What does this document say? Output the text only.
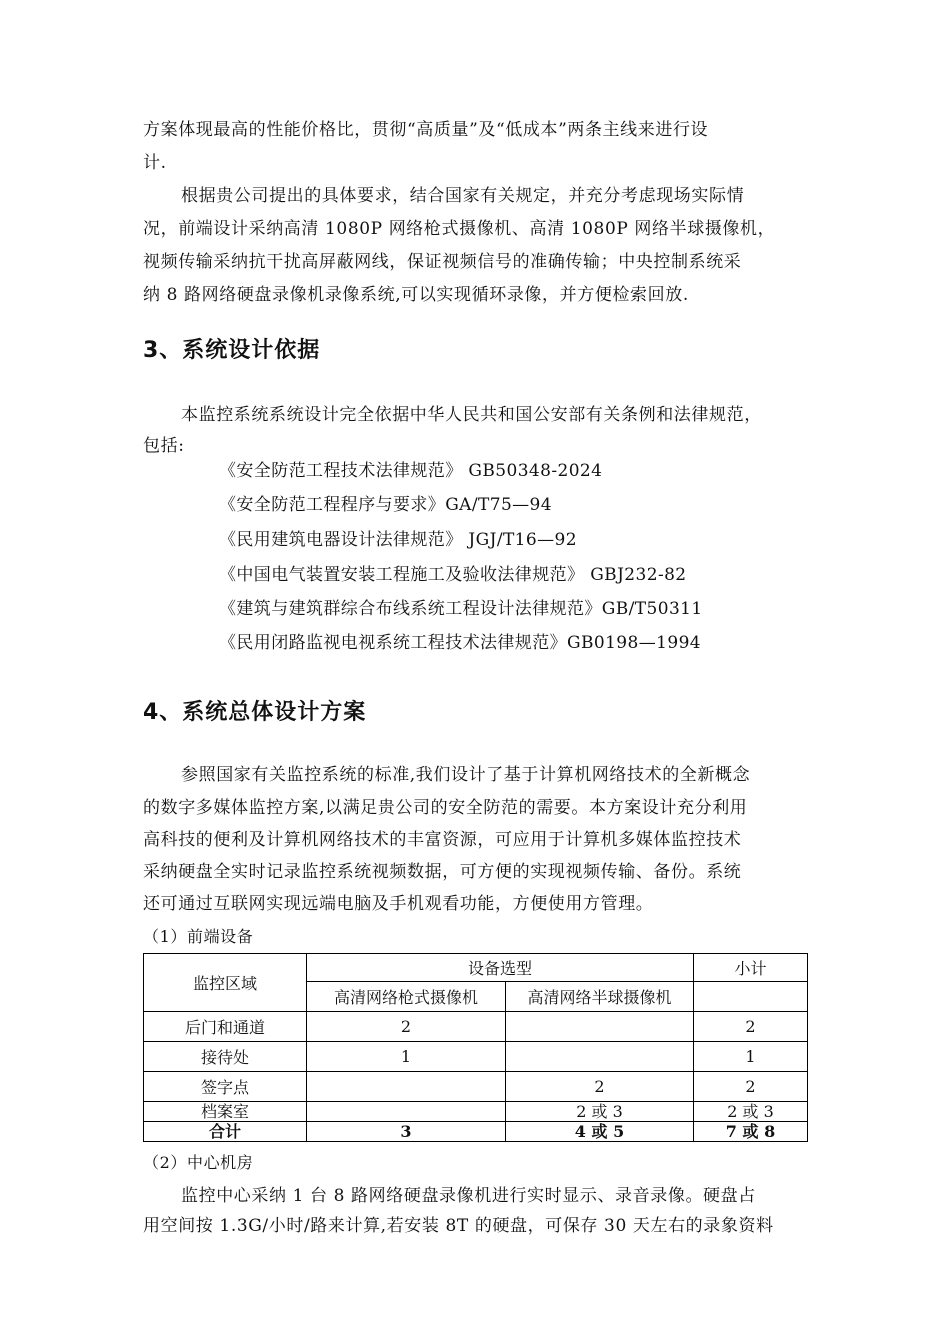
方案体现最高的性能价格比，贯彻“高质量”及“低成本”两条主线来进行设
计.
根据贵公司提出的具体要求，结合国家有关规定，并充分考虑现场实际情
况，前端设计采纳高清 1080P 网络枪式摄像机、高清 1080P 网络半球摄像机，
视频传输采纳抗干扰高屏蔽网线，保证视频信号的准确传输；中央控制系统采
纳 8 路网络硬盘录像机录像系统,可以实现循环录像，并方便检索回放.
3、系统设计依据
本监控系统系统设计完全依据中华人民共和国公安部有关条例和法律规范，
包括:
《安全防范工程技术法律规范》 GB50348-2024
《安全防范工程程序与要求》GA/T75—94
《民用建筑电器设计法律规范》 JGJ/T16—92
《中国电气装置安装工程施工及验收法律规范》 GBJ232-82
《建筑与建筑群综合布线系统工程设计法律规范》GB/T50311
《民用闭路监视电视系统工程技术法律规范》GB0198—1994
4、系统总体设计方案
参照国家有关监控系统的标准,我们设计了基于计算机网络技术的全新概念
的数字多媒体监控方案,以满足贵公司的安全防范的需要。本方案设计充分利用
高科技的便利及计算机网络技术的丰富资源，可应用于计算机多媒体监控技术
采纳硬盘全实时记录监控系统视频数据，可方便的实现视频传输、备份。系统
还可通过互联网实现远端电脑及手机观看功能，方便使用方管理。
（1）前端设备
监控区域	设备选型		小计
	高清网络枪式摄像机	高清网络半球摄像机	
后门和通道	2		2
接待处	1		1
签字点		2	2
档案室		2 或 3	2 或 3
合计	3	4 或 5	7 或 8
（2）中心机房
监控中心采纳 1 台 8 路网络硬盘录像机进行实时显示、录音录像。硬盘占
用空间按 1.3G/小时/路来计算,若安装 8T 的硬盘，可保存 30 天左右的录象资料
